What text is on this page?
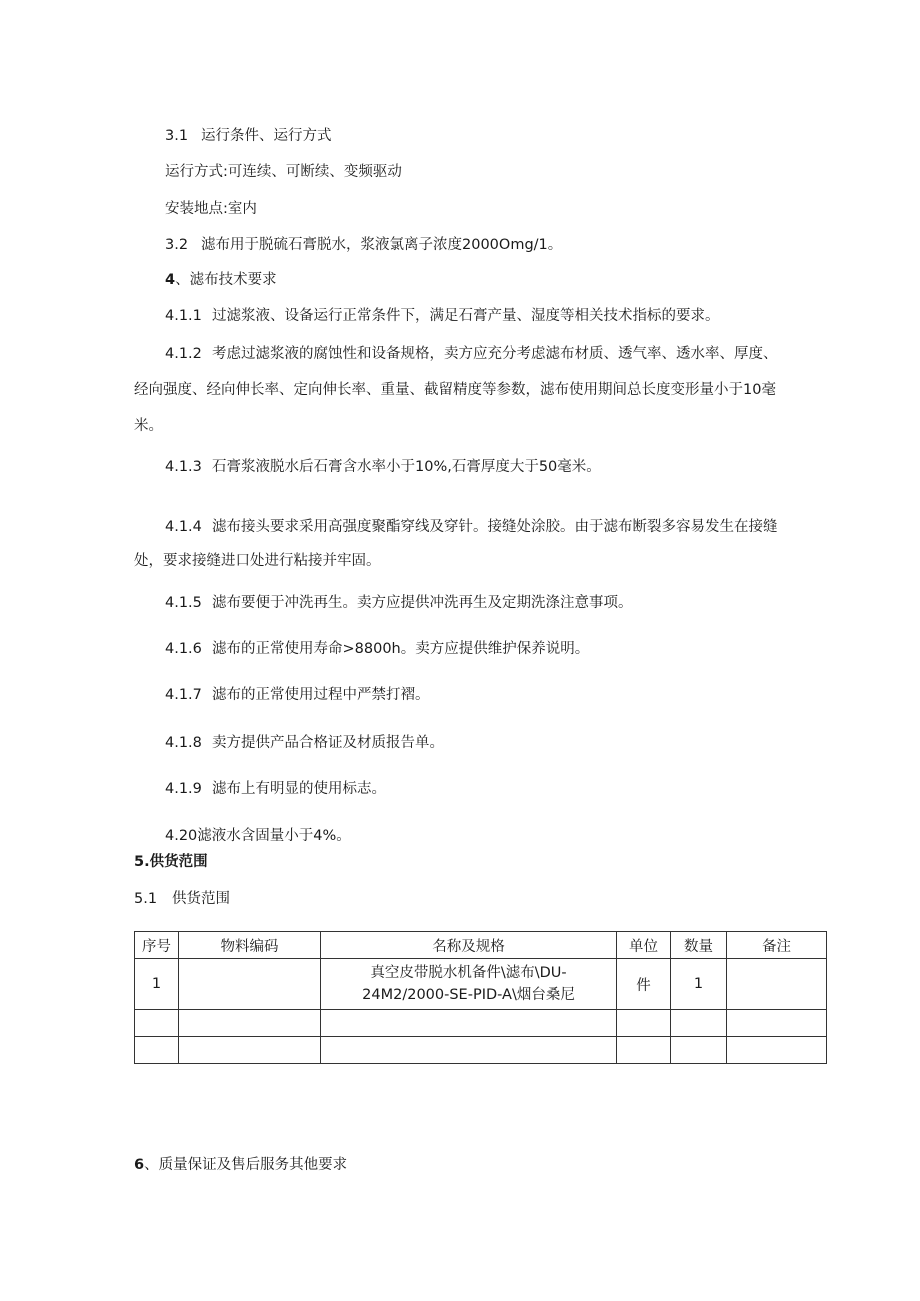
3.1 运行条件、运行方式
运行方式:可连续、可断续、变频驱动
安装地点:室内
3.2 滤布用于脱硫石膏脱水，浆液氯离子浓度2000Omg/1。
4、滤布技术要求
4.1.1 过滤浆液、设备运行正常条件下，满足石膏产量、湿度等相关技术指标的要求。
4.1.2 考虑过滤浆液的腐蚀性和设备规格，卖方应充分考虑滤布材质、透气率、透水率、厚度、
经向强度、经向伸长率、定向伸长率、重量、截留精度等参数，滤布使用期间总长度变形量小于10毫
米。
4.1.3 石膏浆液脱水后石膏含水率小于10%,石膏厚度大于50毫米。
4.1.4 滤布接头要求采用高强度聚酯穿线及穿针。接缝处涂胶。由于滤布断裂多容易发生在接缝
处，要求接缝进口处进行粘接并牢固。
4.1.5 滤布要便于冲洗再生。卖方应提供冲洗再生及定期洗涤注意事项。
4.1.6 滤布的正常使用寿命>8800h。卖方应提供维护保养说明。
4.1.7 滤布的正常使用过程中严禁打褶。
4.1.8 卖方提供产品合格证及材质报告单。
4.1.9 滤布上有明显的使用标志。
4.20滤液水含固量小于4%。
5.供货范围
5.1 供货范围
序号	物料编码	名称及规格	单位	数量	备注
1		真空皮带脱水机备件\滤布\DU-
24M2/2000-SE-PID-A\烟台桑尼	件	1	

6、质量保证及售后服务其他要求
